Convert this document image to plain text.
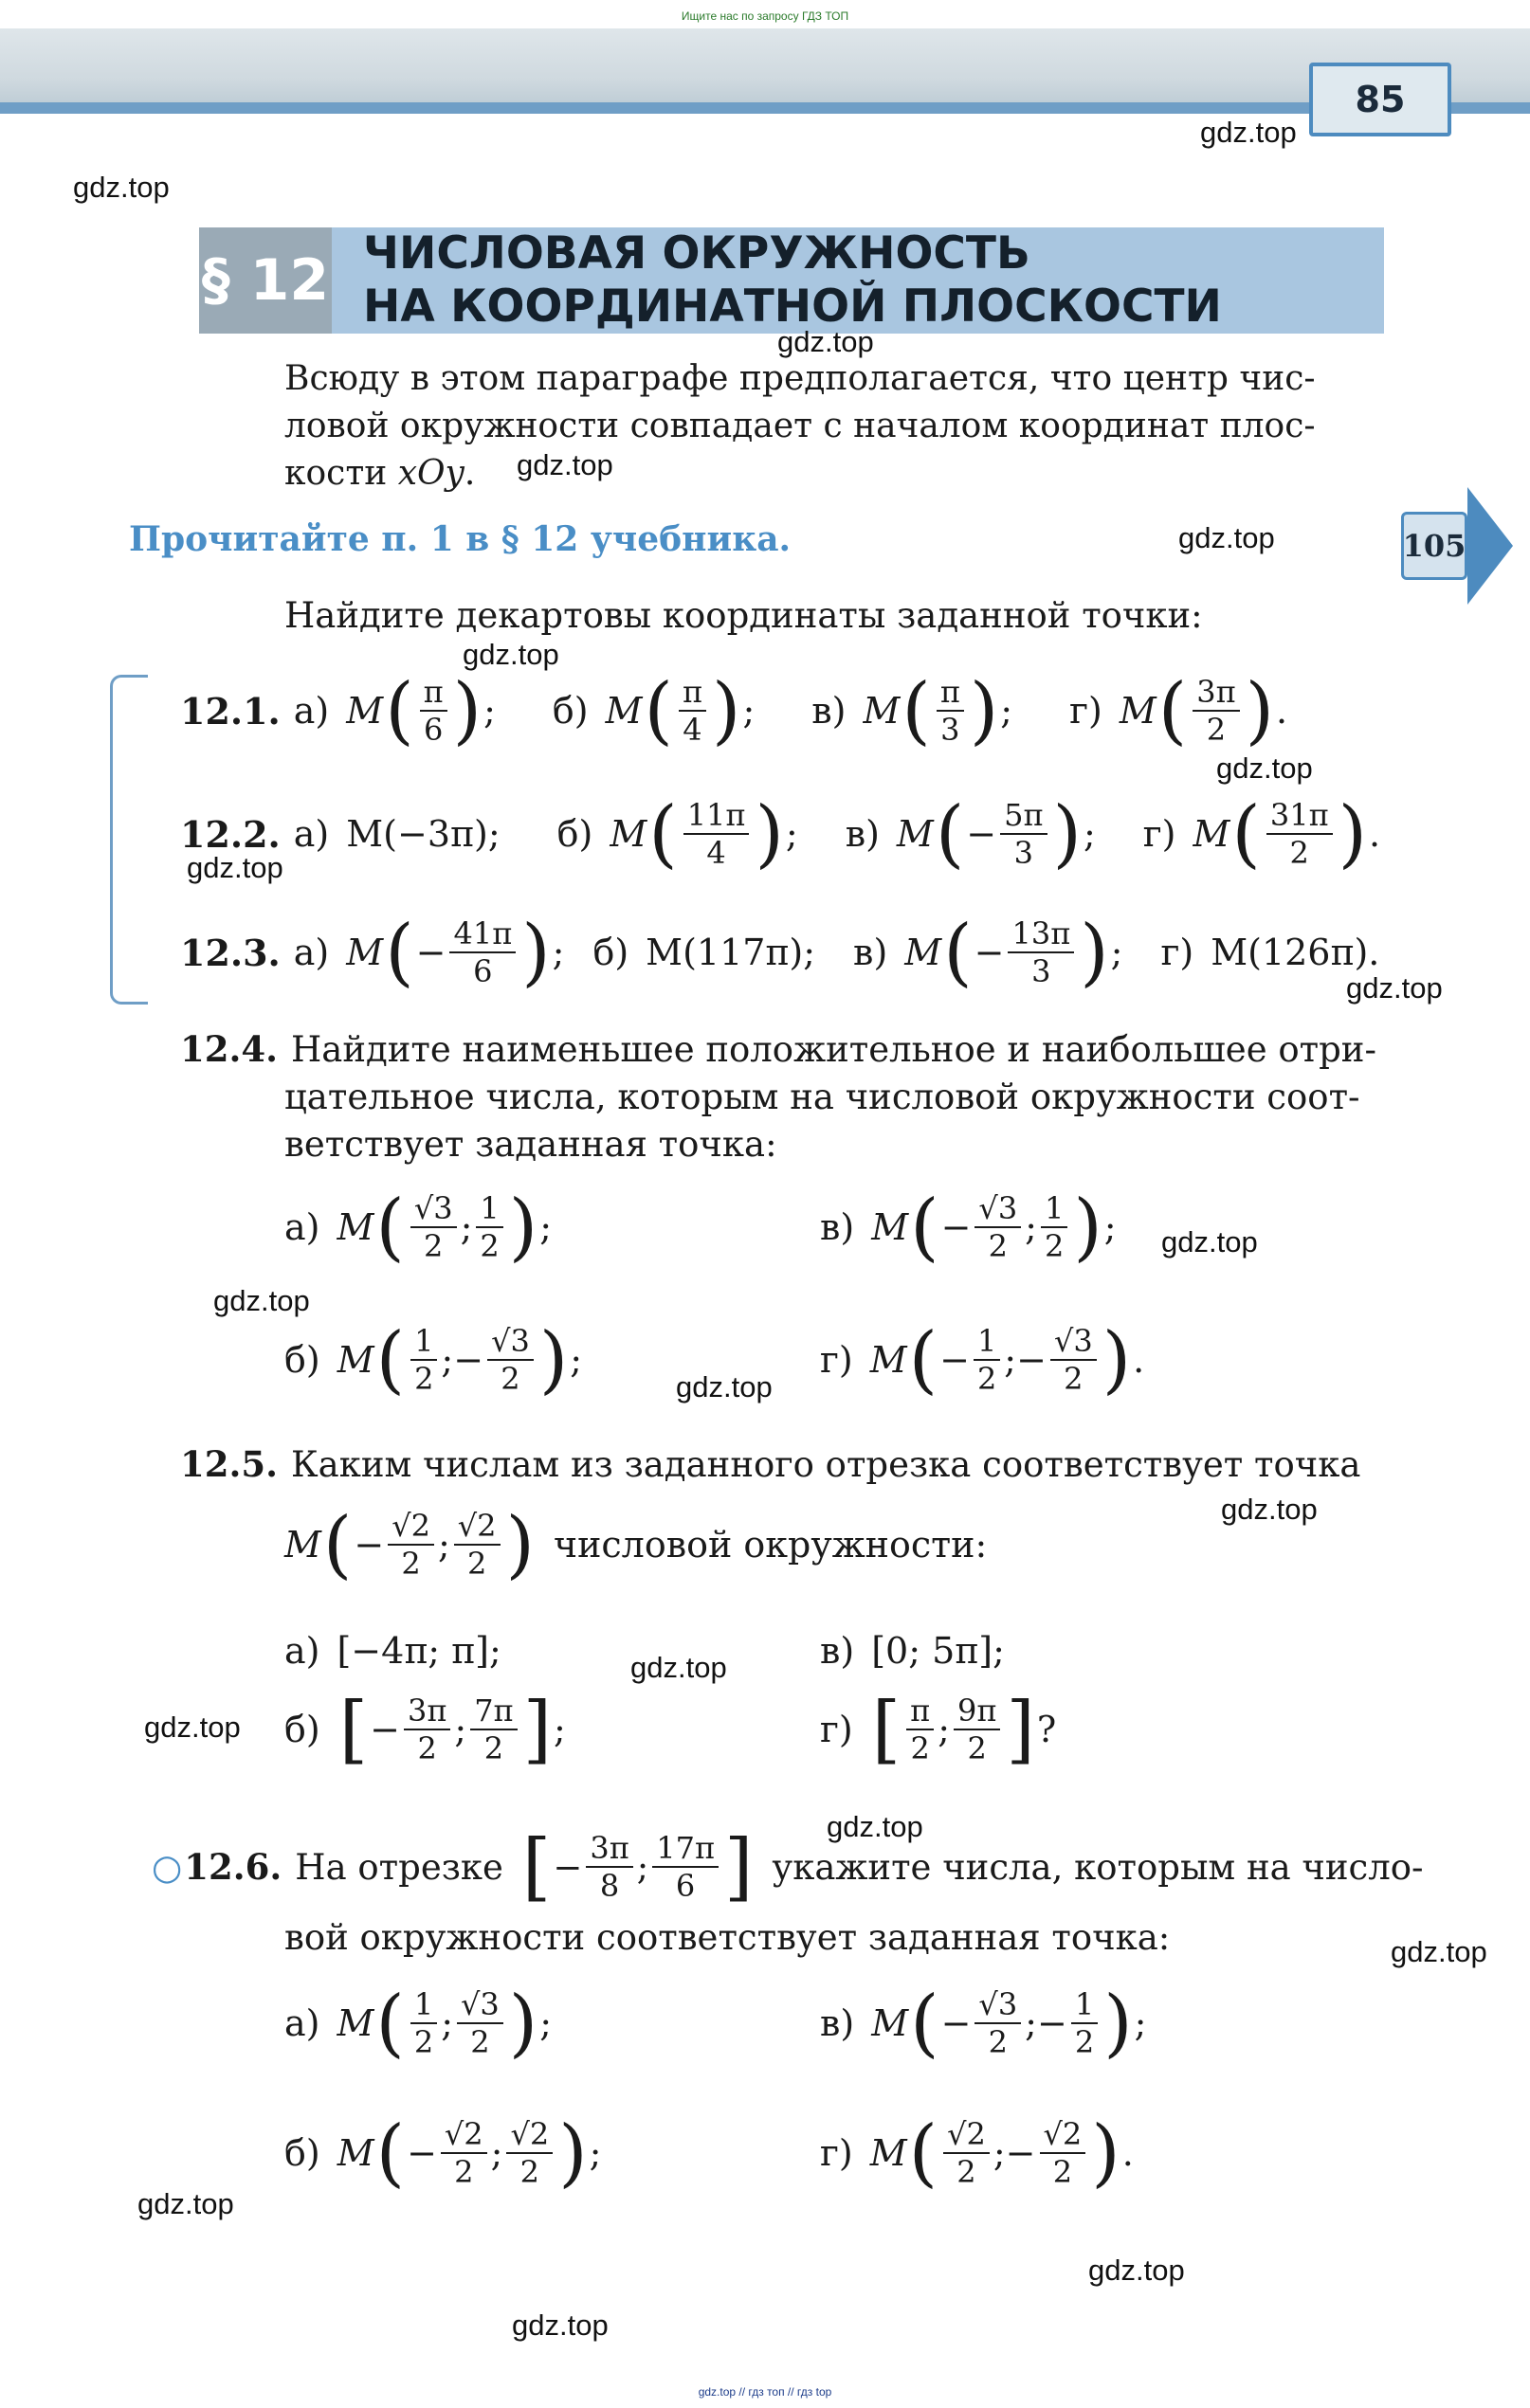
Ищите нас по запросу ГДЗ ТОП
85
§ 12 ЧИСЛОВАЯ ОКРУЖНОСТЬ
НА КООРДИНАТНОЙ ПЛОСКОСТИ
Всюду в этом параграфе предполагается, что центр чис-
ловой окружности совпадает с началом координат плос-
кости xOy.
Прочитайте п. 1 в § 12 учебника.	105
Найдите декартовы координаты заданной точки:
12.1. а) M ( $\frac{\pi}{6}$ ) ; б) M ( $\frac{\pi}{4}$ ) ; в) M ( $\frac{\pi}{3}$ ) ; г) M ( $\frac{3\pi}{2}$ ) .
12.2. а) M(−3π); б) M ( $\frac{11\pi}{4}$ ) ; в) M ( − $\frac{5\pi}{3}$ ) ; г) M ( $\frac{31\pi}{2}$ ) .
12.3. а) M ( − $\frac{41\pi}{6}$ ) ; б) M(117π); в) M ( − $\frac{13\pi}{3}$ ) ; г) M(126π).
12.4. Найдите наименьшее положительное и наибольшее отри-
цательное числа, которым на числовой окружности соот-
ветствует заданная точка:
а) M ( $\frac{√3}{2}$ ; $\frac{1}{2}$ ) ;	в) M ( − $\frac{√3}{2}$ ; $\frac{1}{2}$ ) ;
б) M ( $\frac{1}{2}$ ; − $\frac{√3}{2}$ ) ;	г) M ( − $\frac{1}{2}$ ; − $\frac{√3}{2}$ ) .
12.5. Каким числам из заданного отрезка соответствует точка
M ( − $\frac{√2}{2}$ ; $\frac{√2}{2}$ ) числовой окружности:
а) [−4π; π];	в) [0; 5π];
б) [ − $\frac{3\pi}{2}$ ; $\frac{7\pi}{2}$ ] ;	г) [ $\frac{\pi}{2}$ ; $\frac{9\pi}{2}$ ] ?
○ 12.6. На отрезке [ − $\frac{3\pi}{8}$ ; $\frac{17\pi}{6}$ ] укажите числа, которым на число-
вой окружности соответствует заданная точка:
а) M ( $\frac{1}{2}$ ; $\frac{√3}{2}$ ) ;	в) M ( − $\frac{√3}{2}$ ; − $\frac{1}{2}$ ) ;
б) M ( − $\frac{√2}{2}$ ; $\frac{√2}{2}$ ) ;	г) M ( $\frac{√2}{2}$ ; − $\frac{√2}{2}$ ) .
gdz.top
gdz.top
gdz.top
gdz.top
gdz.top
gdz.top
gdz.top
gdz.top
gdz.top
gdz.top
gdz.top
gdz.top
gdz.top
gdz.top
gdz.top
gdz.top
gdz.top
gdz.top
gdz.top
gdz.top
gdz.top // гдз топ // гдз top
